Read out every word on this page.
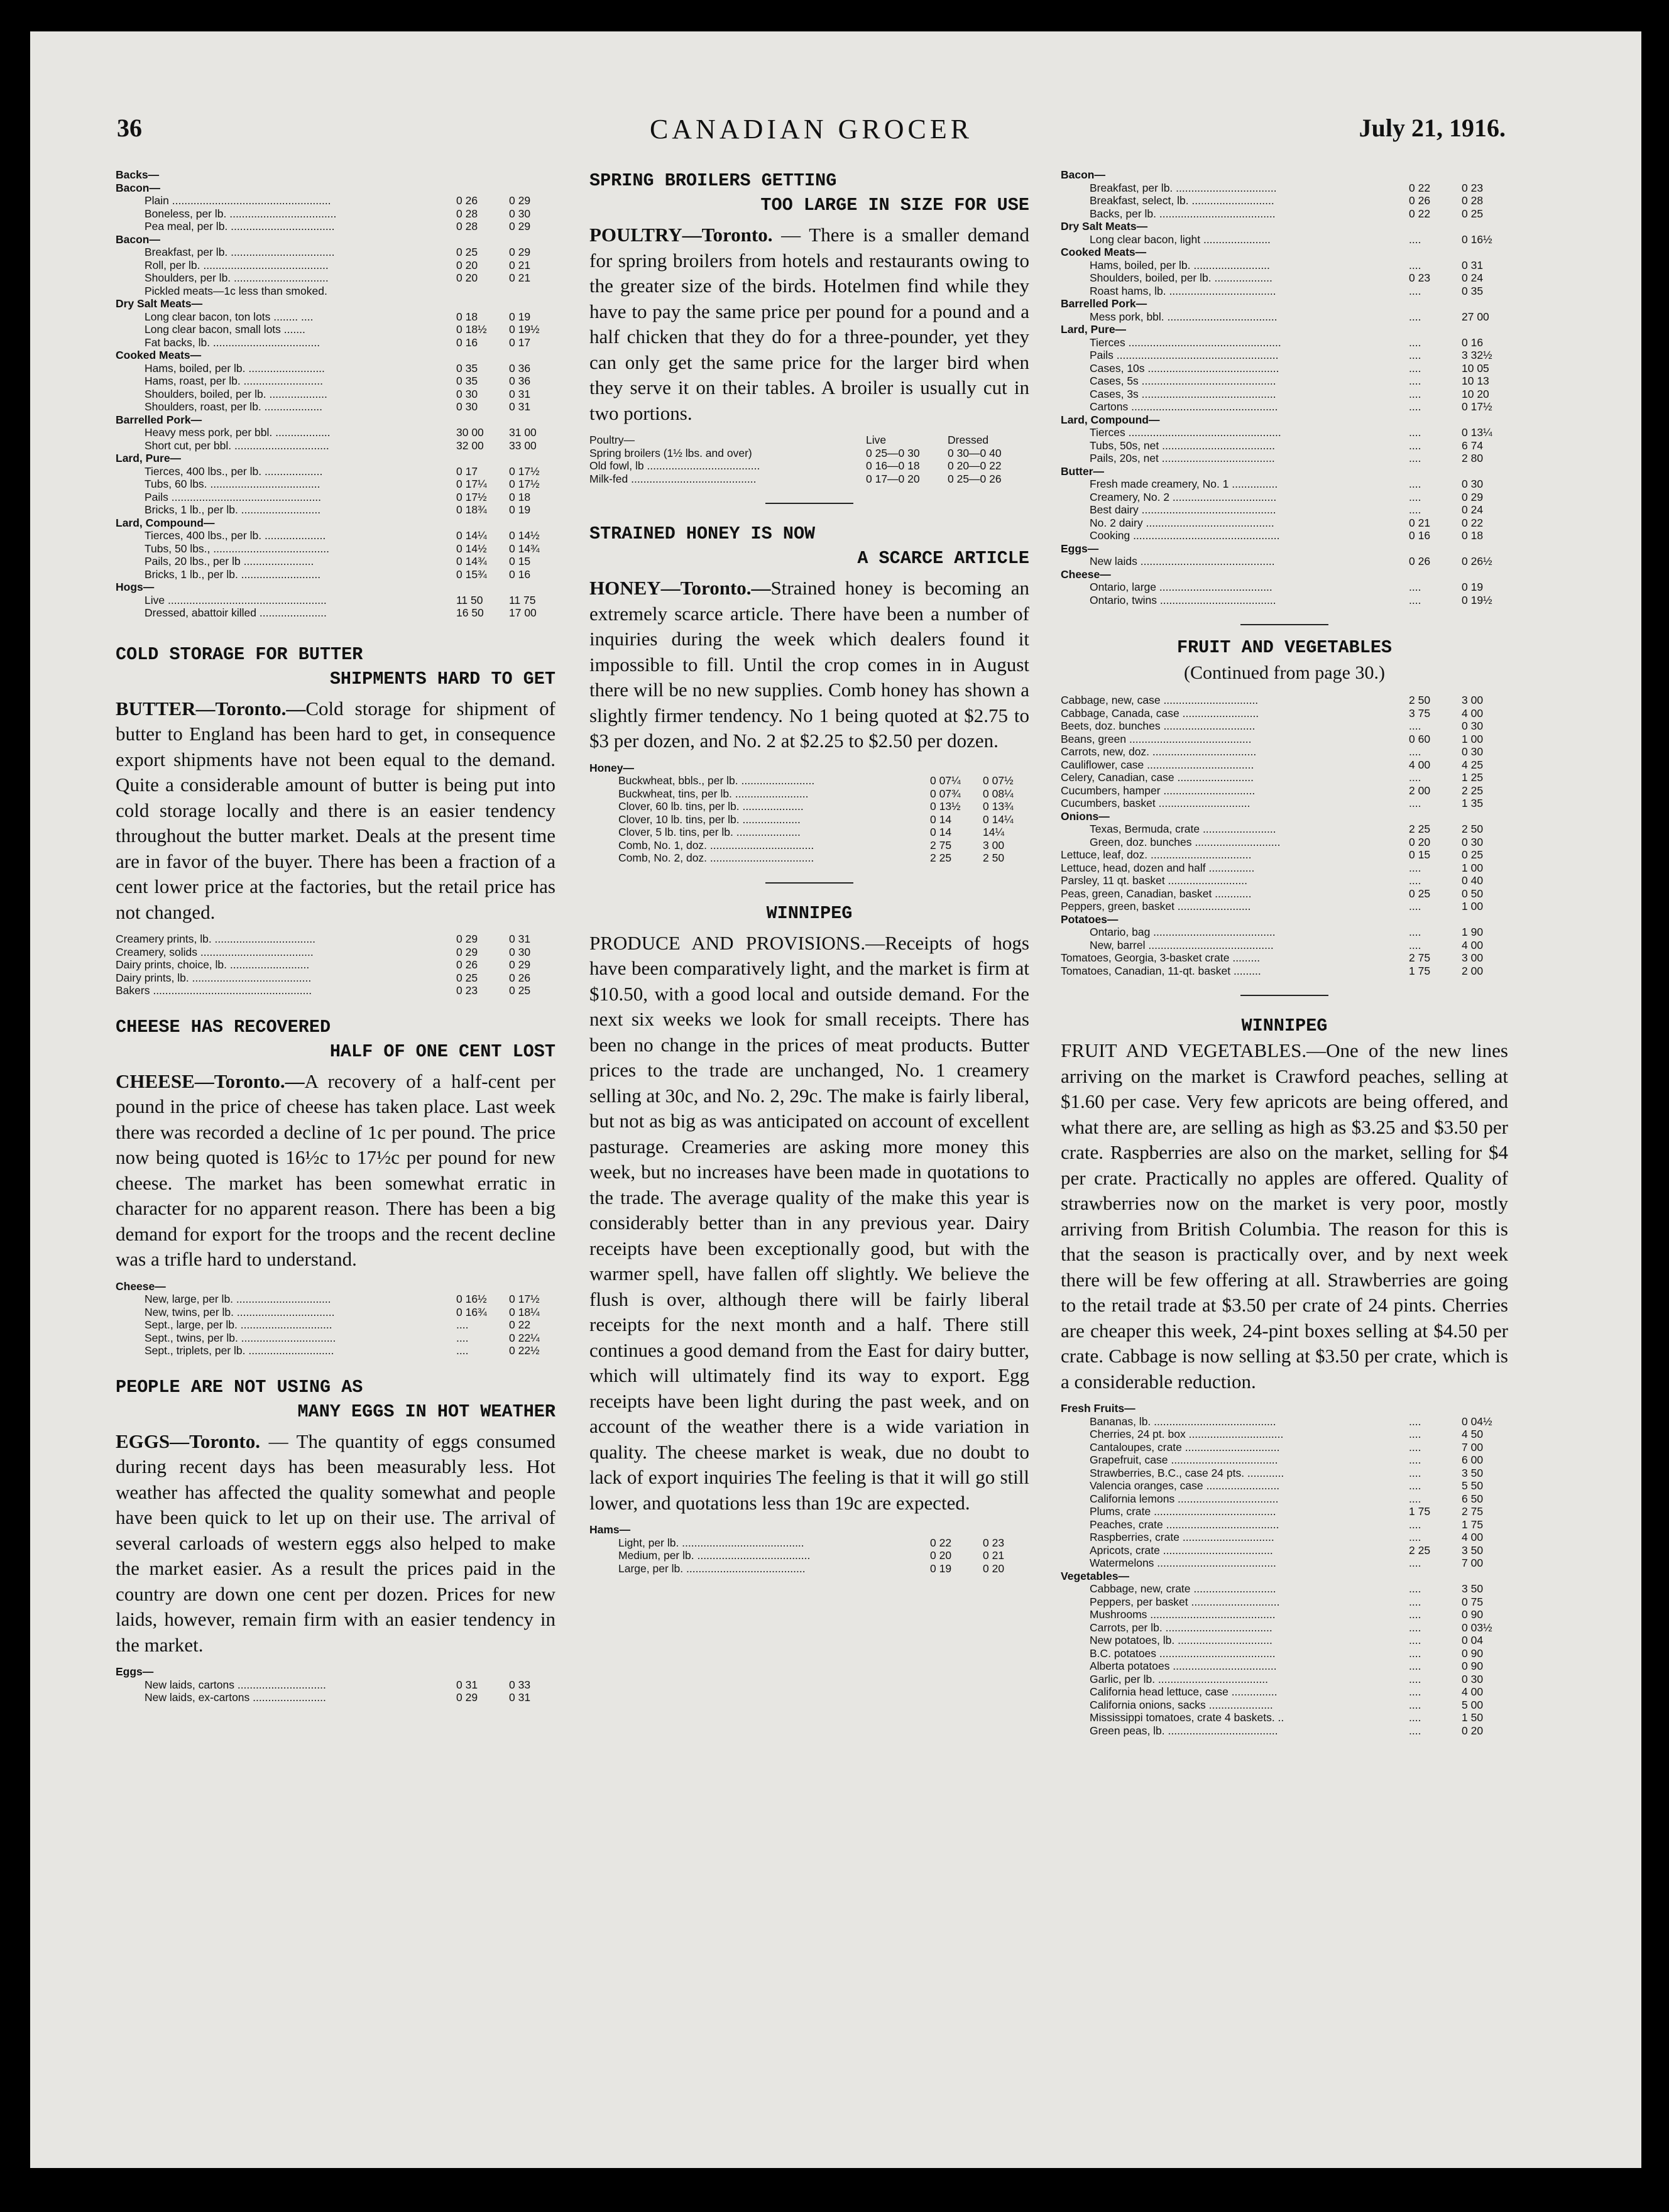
36	CANADIAN GROCER	July 21, 1916.
Backs—
Bacon—
Plain ....................................................	0 26	0 29
Boneless, per lb. ...................................	0 28	0 30
Pea meal, per lb. ..................................	0 28	0 29
Bacon—
Breakfast, per lb. ..................................	0 25	0 29
Roll, per lb. .........................................	0 20	0 21
Shoulders, per lb. ...............................	0 20	0 21
Pickled meats—1c less than smoked.
Dry Salt Meats—
Long clear bacon, ton lots ........ ....	0 18	0 19
Long clear bacon, small lots .......	0 18½	0 19½
Fat backs, lb. ...................................	0 16	0 17
Cooked Meats—
Hams, boiled, per lb. .........................	0 35	0 36
Hams, roast, per lb. ..........................	0 35	0 36
Shoulders, boiled, per lb. ...................	0 30	0 31
Shoulders, roast, per lb. ...................	0 30	0 31
Barrelled Pork—
Heavy mess pork, per bbl. ..................	30 00	31 00
Short cut, per bbl. ...............................	32 00	33 00
Lard, Pure—
Tierces, 400 lbs., per lb. ...................	0 17	0 17½
Tubs, 60 lbs. ....................................	0 17¼	0 17½
Pails .................................................	0 17½	0 18
Bricks, 1 lb., per lb. ..........................	0 18¾	0 19
Lard, Compound—
Tierces, 400 lbs., per lb. ....................	0 14¼	0 14½
Tubs, 50 lbs., ......................................	0 14½	0 14¾
Pails, 20 lbs., per lb .......................	0 14¾	0 15
Bricks, 1 lb., per lb. ..........................	0 15¾	0 16
Hogs—
Live ....................................................	11 50	11 75
Dressed, abattoir killed ......................	16 50	17 00

COLD STORAGE FOR BUTTER

SHIPMENTS HARD TO GET

BUTTER—Toronto.—Cold storage for shipment of butter to England has been hard to get, in consequence export shipments have not been equal to the demand. Quite a considerable amount of butter is being put into cold storage locally and there is an easier tendency throughout the butter market. Deals at the present time are in favor of the buyer. There has been a fraction of a cent lower price at the factories, but the retail price has not changed.

Creamery prints, lb. .................................	0 29	0 31
Creamery, solids .....................................	0 29	0 30
Dairy prints, choice, lb. ..........................	0 26	0 29
Dairy prints, lb. .......................................	0 25	0 26
Bakers ....................................................	0 23	0 25

CHEESE HAS RECOVERED

HALF OF ONE CENT LOST

CHEESE—Toronto.—A recovery of a half-cent per pound in the price of cheese has taken place. Last week there was recorded a decline of 1c per pound. The price now being quoted is 16½c to 17½c per pound for new cheese. The market has been somewhat erratic in character for no apparent reason. There has been a big demand for export for the troops and the recent decline was a trifle hard to understand.

Cheese—
New, large, per lb. ...............................	0 16½	0 17½
New, twins, per lb. ................................	0 16¾	0 18¼
Sept., large, per lb. ..............................	....	0 22
Sept., twins, per lb. ...............................	....	0 22¼
Sept., triplets, per lb. ............................	....	0 22½

PEOPLE ARE NOT USING AS

MANY EGGS IN HOT WEATHER

EGGS—Toronto. — The quantity of eggs consumed during recent days has been measurably less. Hot weather has affected the quality somewhat and people have been quick to let up on their use. The arrival of several carloads of western eggs also helped to make the market easier. As a result the prices paid in the country are down one cent per dozen. Prices for new laids, however, remain firm with an easier tendency in the market.

Eggs—
New laids, cartons .............................	0 31	0 33
New laids, ex-cartons ........................	0 29	0 31

SPRING BROILERS GETTING

TOO LARGE IN SIZE FOR USE

POULTRY—Toronto. — There is a smaller demand for spring broilers from hotels and restaurants owing to the greater size of the birds. Hotelmen find while they have to pay the same price per pound for a pound and a half chicken that they do for a three-pounder, yet they can only get the same price for the larger bird when they serve it on their tables. A broiler is usually cut in two portions.

Poultry—	Live	Dressed
Spring broilers (1½ lbs. and over)	0 25—0 30	0 30—0 40
Old fowl, lb .....................................	0 16—0 18	0 20—0 22
Milk-fed .........................................	0 17—0 20	0 25—0 26

STRAINED HONEY IS NOW

A SCARCE ARTICLE

HONEY—Toronto.—Strained honey is becoming an extremely scarce article. There have been a number of inquiries during the week which dealers found it impossible to fill. Until the crop comes in in August there will be no new supplies. Comb honey has shown a slightly firmer tendency. No 1 being quoted at $2.75 to $3 per dozen, and No. 2 at $2.25 to $2.50 per dozen.

Honey—
Buckwheat, bbls., per lb. ........................	0 07¼	0 07½
Buckwheat, tins, per lb. ........................	0 07¾	0 08¼
Clover, 60 lb. tins, per lb. ....................	0 13½	0 13¾
Clover, 10 lb. tins, per lb. ...................	0 14	0 14¼
Clover, 5 lb. tins, per lb. .....................	0 14	14¼
Comb, No. 1, doz. ..................................	2 75	3 00
Comb, No. 2, doz. ..................................	2 25	2 50

WINNIPEG

PRODUCE AND PROVISIONS.—Receipts of hogs have been comparatively light, and the market is firm at $10.50, with a good local and outside demand. For the next six weeks we look for small receipts. There has been no change in the prices of meat products. Butter prices to the trade are unchanged, No. 1 creamery selling at 30c, and No. 2, 29c. The make is fairly liberal, but not as big as was anticipated on account of excellent pasturage. Creameries are asking more money this week, but no increases have been made in quotations to the trade. The average quality of the make this year is considerably better than in any previous year. Dairy receipts have been exceptionally good, but with the warmer spell, have fallen off slightly. We believe the flush is over, although there will be fairly liberal receipts for the next month and a half. There still continues a good demand from the East for dairy butter, which will ultimately find its way to export. Egg receipts have been light during the past week, and on account of the weather there is a wide variation in quality. The cheese market is weak, due no doubt to lack of export inquiries The feeling is that it will go still lower, and quotations less than 19c are expected.

Hams—
Light, per lb. ........................................	0 22	0 23
Medium, per lb. .....................................	0 20	0 21
Large, per lb. .......................................	0 19	0 20
Bacon—
Breakfast, per lb. .................................	0 22	0 23
Breakfast, select, lb. ...........................	0 26	0 28
Backs, per lb. ......................................	0 22	0 25
Dry Salt Meats—
Long clear bacon, light ......................	....	0 16½
Cooked Meats—
Hams, boiled, per lb. .........................	....	0 31
Shoulders, boiled, per lb. ...................	0 23	0 24
Roast hams, lb. ...................................	....	0 35
Barrelled Pork—
Mess pork, bbl. ....................................	....	27 00
Lard, Pure—
Tierces ..................................................	....	0 16
Pails .....................................................	....	3 32½
Cases, 10s ...........................................	....	10 05
Cases, 5s ............................................	....	10 13
Cases, 3s ............................................	....	10 20
Cartons ................................................	....	0 17½
Lard, Compound—
Tierces ..................................................	....	0 13¼
Tubs, 50s, net .....................................	....	6 74
Pails, 20s, net .....................................	....	2 80
Butter—
Fresh made creamery, No. 1 ...............	....	0 30
Creamery, No. 2 ..................................	....	0 29
Best dairy ............................................	....	0 24
No. 2 dairy ..........................................	0 21	0 22
Cooking ................................................	0 16	0 18
Eggs—
New laids ............................................	0 26	0 26½
Cheese—
Ontario, large .....................................	....	0 19
Ontario, twins ......................................	....	0 19½

FRUIT AND VEGETABLES

(Continued from page 30.)

Cabbage, new, case ...............................	2 50	3 00
Cabbage, Canada, case .........................	3 75	4 00
Beets, doz. bunches ..............................	....	0 30
Beans, green ........................................	0 60	1 00
Carrots, new, doz. ..................................	....	0 30
Cauliflower, case ...................................	4 00	4 25
Celery, Canadian, case .........................	....	1 25
Cucumbers, hamper ..............................	2 00	2 25
Cucumbers, basket ..............................	....	1 35
Onions—
Texas, Bermuda, crate ........................	2 25	2 50
Green, doz. bunches ............................	0 20	0 30
Lettuce, leaf, doz. .................................	0 15	0 25
Lettuce, head, dozen and half ...............	....	1 00
Parsley, 11 qt. basket ..........................	....	0 40
Peas, green, Canadian, basket ............	0 25	0 50
Peppers, green, basket ........................	....	1 00
Potatoes—
Ontario, bag ........................................	....	1 90
New, barrel .........................................	....	4 00
Tomatoes, Georgia, 3-basket crate .........	2 75	3 00
Tomatoes, Canadian, 11-qt. basket .........	1 75	2 00

WINNIPEG

FRUIT AND VEGETABLES.—One of the new lines arriving on the market is Crawford peaches, selling at $1.60 per case. Very few apricots are being offered, and what there are, are selling as high as $3.25 and $3.50 per crate. Raspberries are also on the market, selling for $4 per crate. Practically no apples are offered. Quality of strawberries now on the market is very poor, mostly arriving from British Columbia. The reason for this is that the season is practically over, and by next week there will be few offering at all. Strawberries are going to the retail trade at $3.50 per crate of 24 pints. Cherries are cheaper this week, 24-pint boxes selling at $4.50 per crate. Cabbage is now selling at $3.50 per crate, which is a considerable reduction.

Fresh Fruits—
Bananas, lb. ........................................	....	0 04½
Cherries, 24 pt. box ...............................	....	4 50
Cantaloupes, crate ...............................	....	7 00
Grapefruit, case ...................................	....	6 00
Strawberries, B.C., case 24 pts. ............	....	3 50
Valencia oranges, case ........................	....	5 50
California lemons .................................	....	6 50
Plums, crate ........................................	1 75	2 75
Peaches, crate .....................................	....	1 75
Raspberries, crate ..............................	....	4 00
Apricots, crate ....................................	2 25	3 50
Watermelons .......................................	....	7 00
Vegetables—
Cabbage, new, crate ...........................	....	3 50
Peppers, per basket .............................	....	0 75
Mushrooms .........................................	....	0 90
Carrots, per lb. ...................................	....	0 03½
New potatoes, lb. ...............................	....	0 04
B.C. potatoes ......................................	....	0 90
Alberta potatoes ..................................	....	0 90
Garlic, per lb. ....................................	....	0 30
California head lettuce, case ...............	....	4 00
California onions, sacks .....................	....	5 00
Mississippi tomatoes, crate 4 baskets. ..	....	1 50
Green peas, lb. ....................................	....	0 20
